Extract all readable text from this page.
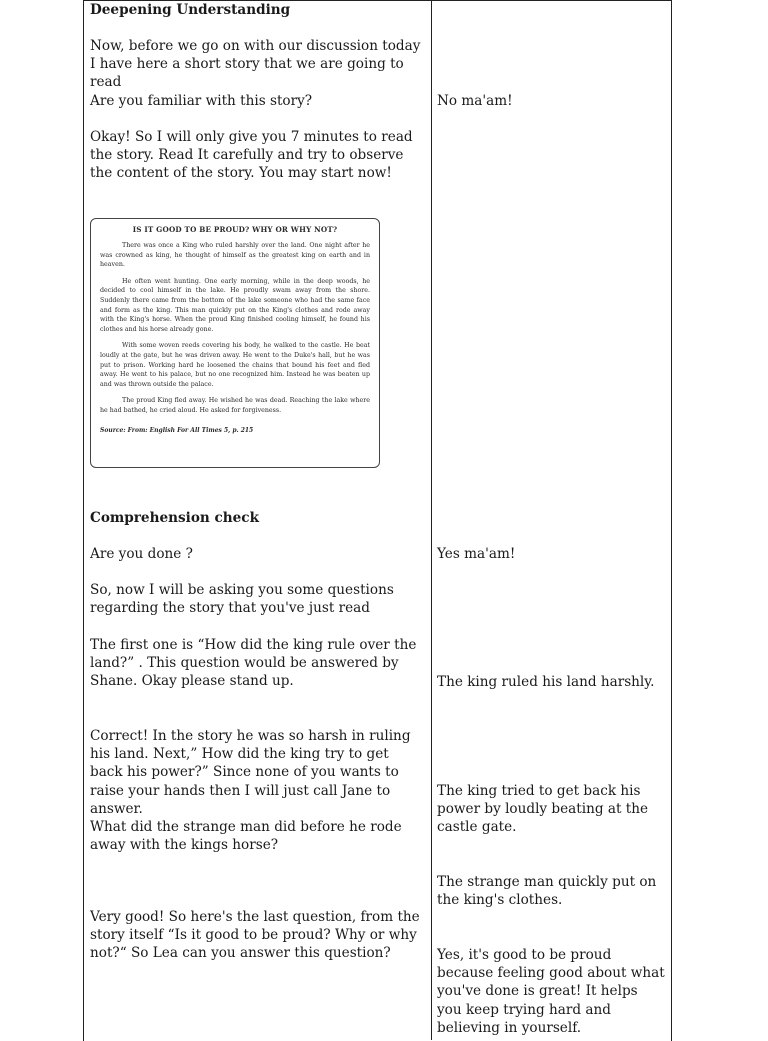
Deepening Understanding
Now, before we go on with our discussion today I have here a short story that we are going to read
Are you familiar with this story?
Okay! So I will only give you 7 minutes to read the story. Read It carefully and try to observe the content of the story. You may start now!
IS IT GOOD TO BE PROUD? WHY OR WHY NOT?

There was once a King who ruled harshly over the land. One night after he was crowned as king, he thought of himself as the greatest king on earth and in heaven.

He often went hunting. One early morning, while in the deep woods, he decided to cool himself in the lake. He proudly swam away from the shore. Suddenly there came from the bottom of the lake someone who had the same face and form as the king. This man quickly put on the King's clothes and rode away with the King's horse. When the proud King finished cooling himself, he found his clothes and his horse already gone.

With some woven reeds covering his body, he walked to the castle. He beat loudly at the gate, but he was driven away. He went to the Duke's hall, but he was put to prison. Working hard he loosened the chains that bound his feet and fled away. He went to his palace, but no one recognized him. Instead he was beaten up and was thrown outside the palace.

The proud King fled away. He wished he was dead. Reaching the lake where he had bathed, he cried aloud. He asked for forgiveness.

Source: From: English For All Times 5, p. 215

Comprehension check
Are you done ?
So, now I will be asking you some questions regarding the story that you've just read
The first one is “How did the king rule over the land?” . This question would be answered by Shane. Okay please stand up.
Correct! In the story he was so harsh in ruling his land. Next,” How did the king try to get back his power?” Since none of you wants to raise your hands then I will just call Jane to answer.
What did the strange man did before he rode away with the kings horse?
Very good! So here's the last question, from the story itself “Is it good to be proud? Why or why not?“ So Lea can you answer this question?
No ma'am!
Yes ma'am!
The king ruled his land harshly.
The king tried to get back his power by loudly beating at the castle gate.
The strange man quickly put on the king's clothes.
Yes, it's good to be proud because feeling good about what you've done is great! It helps you keep trying hard and believing in yourself.
